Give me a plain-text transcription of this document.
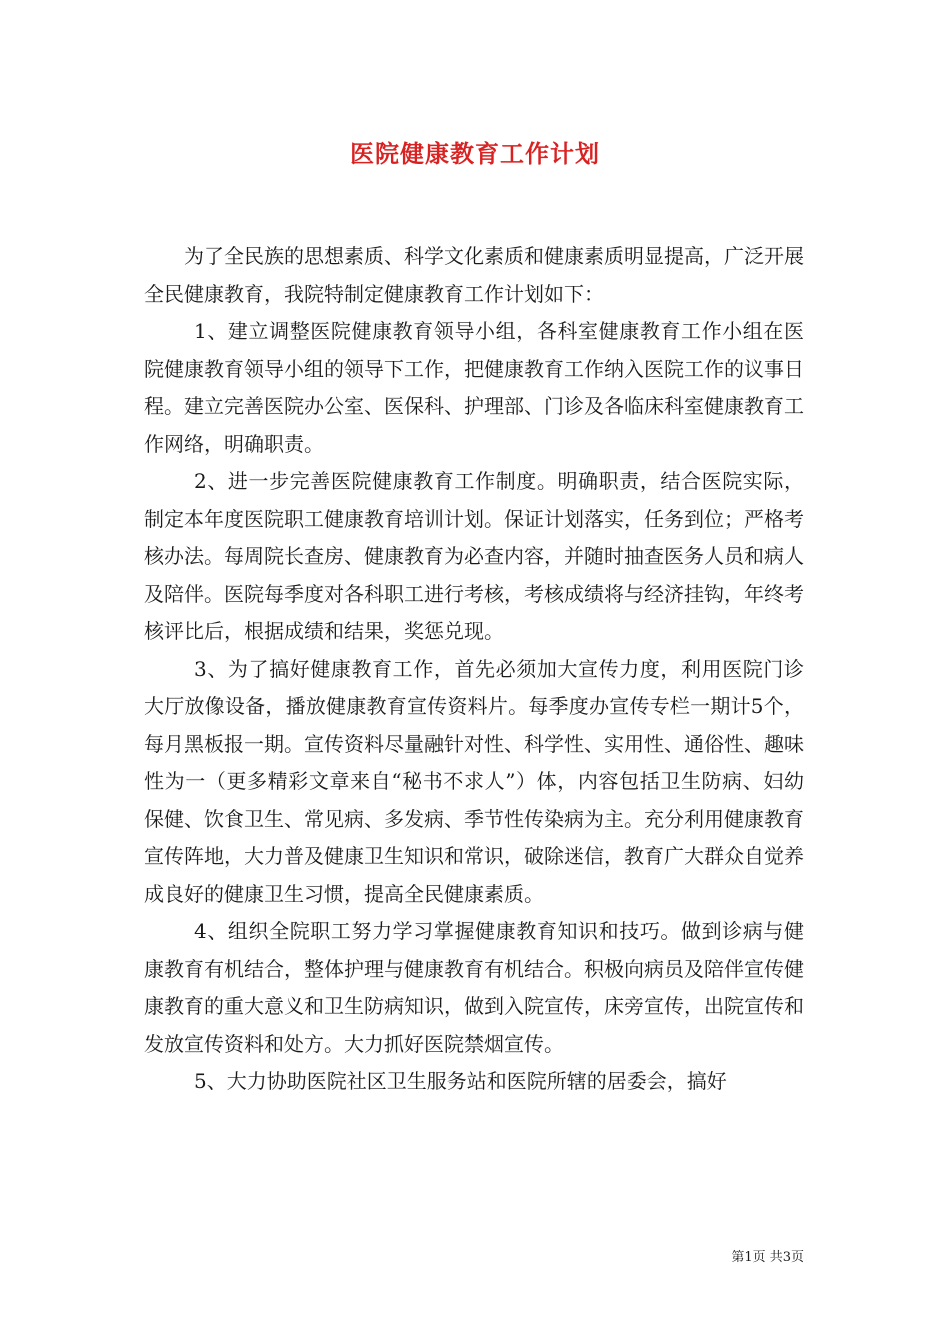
医院健康教育工作计划

为了全民族的思想素质、科学文化素质和健康素质明显提高，广泛开展全民健康教育，我院特制定健康教育工作计划如下：

1、建立调整医院健康教育领导小组，各科室健康教育工作小组在医院健康教育领导小组的领导下工作，把健康教育工作纳入医院工作的议事日程。建立完善医院办公室、医保科、护理部、门诊及各临床科室健康教育工作网络，明确职责。

2、进一步完善医院健康教育工作制度。明确职责，结合医院实际，制定本年度医院职工健康教育培训计划。保证计划落实，任务到位；严格考核办法。每周院长查房、健康教育为必查内容，并随时抽查医务人员和病人及陪伴。医院每季度对各科职工进行考核，考核成绩将与经济挂钩，年终考核评比后，根据成绩和结果，奖惩兑现。

3、为了搞好健康教育工作，首先必须加大宣传力度，利用医院门诊大厅放像设备，播放健康教育宣传资料片。每季度办宣传专栏一期计5个，每月黑板报一期。宣传资料尽量融针对性、科学性、实用性、通俗性、趣味性为一（更多精彩文章来自“秘书不求人”）体，内容包括卫生防病、妇幼保健、饮食卫生、常见病、多发病、季节性传染病为主。充分利用健康教育宣传阵地，大力普及健康卫生知识和常识，破除迷信，教育广大群众自觉养成良好的健康卫生习惯，提高全民健康素质。

4、组织全院职工努力学习掌握健康教育知识和技巧。做到诊病与健康教育有机结合，整体护理与健康教育有机结合。积极向病员及陪伴宣传健康教育的重大意义和卫生防病知识，做到入院宣传，床旁宣传，出院宣传和发放宣传资料和处方。大力抓好医院禁烟宣传。

5、大力协助医院社区卫生服务站和医院所辖的居委会，搞好

第1页 共3页
